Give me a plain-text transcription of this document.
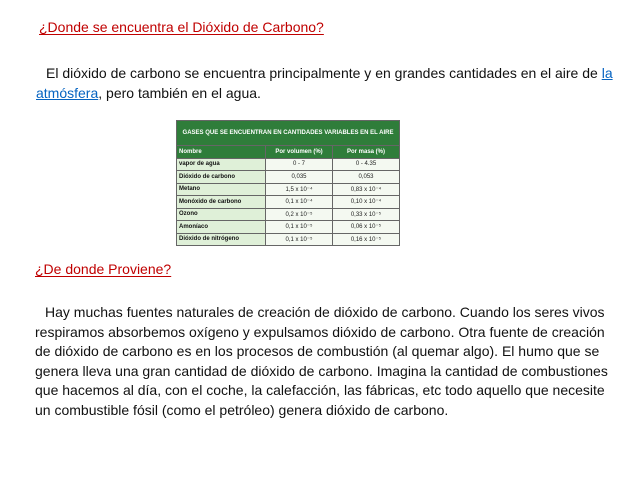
¿Donde se encuentra el Dióxido de Carbono?
El dióxido de carbono se encuentra principalmente y en grandes cantidades en el aire de la atmósfera, pero también en el agua.
GASES QUE SE ENCUENTRAN EN CANTIDADES VARIABLES EN EL AIRE		
Nombre	Por volumen (%)	Por masa (%)
vapor de agua	0 - 7	0 - 4.35
Dióxido de carbono	0,035	0,053
Metano	1,5 x 10⁻⁴	0,83 x 10⁻⁴
Monóxido de carbono	0,1 x 10⁻⁴	0,10 x 10⁻⁴
Ozono	0,2 x 10⁻⁵	0,33 x 10⁻⁵
Amoníaco	0,1 x 10⁻⁵	0,06 x 10⁻⁵
Dióxido de nitrógeno	0,1 x 10⁻⁵	0,16 x 10⁻⁵
¿De donde Proviene?
Hay muchas fuentes naturales de creación de dióxido de carbono. Cuando los seres vivos respiramos absorbemos oxígeno y expulsamos dióxido de carbono. Otra fuente de creación de dióxido de carbono es en los procesos de combustión (al quemar algo). El humo que se genera lleva una gran cantidad de dióxido de carbono. Imagina la cantidad de combustiones que hacemos al día, con el coche, la calefacción, las fábricas, etc todo aquello que necesite un combustible fósil (como el petróleo) genera dióxido de carbono.
